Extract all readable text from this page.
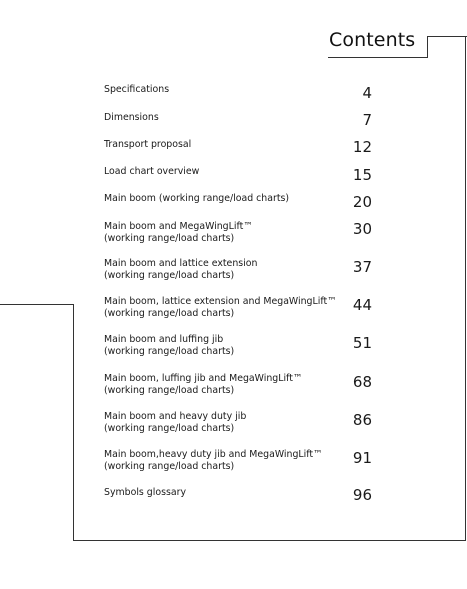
Contents
Specifications	4
Dimensions	7
Transport proposal	12
Load chart overview	15
Main boom (working range/load charts)	20
Main boom and MegaWingLift™
(working range/load charts)	30
Main boom and lattice extension
(working range/load charts)	37
Main boom, lattice extension and MegaWingLift™
(working range/load charts)	44
Main boom and luffing jib
(working range/load charts)	51
Main boom, luffing jib and MegaWingLift™
(working range/load charts)	68
Main boom and heavy duty jib
(working range/load charts)	86
Main boom,heavy duty jib and MegaWingLift™
(working range/load charts)	91
Symbols glossary	96
